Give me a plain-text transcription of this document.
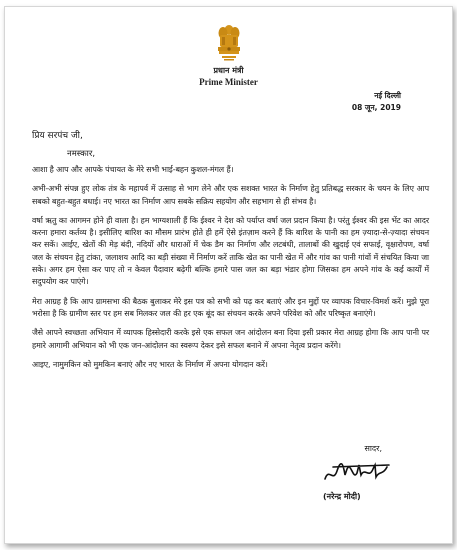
प्रधान मंत्री
Prime Minister
नई दिल्ली
08 जून, 2019
प्रिय सरपंच जी,
नमस्कार,

आशा है आप और आपके पंचायत के मेरे सभी भाई-बहन कुशल-मंगल हैं।

अभी-अभी संपन्न हुए लोक तंत्र के महापर्व में उत्साह से भाग लेने और एक सशक्त भारत के निर्माण हेतु प्रतिबद्ध सरकार के चयन के लिए आप सबको बहुत-बहुत बधाई। नए भारत का निर्माण आप सबके सक्रिय सहयोग और सहभाग से ही संभव है।

वर्षा ऋतु का आगमन होने ही वाला है। हम भाग्यशाली हैं कि ईश्वर ने देश को पर्याप्त वर्षा जल प्रदान किया है। परंतु ईश्वर की इस भेंट का आदर करना हमारा कर्तव्य है। इसीलिए बारिश का मौसम प्रारंभ होते ही हमें ऐसे इंतज़ाम करने हैं कि बारिश के पानी का हम ज़्यादा-से-ज़्यादा संचयन कर सकें। आईए, खेतों की मेड़ बंदी, नदियों और धाराओं में चेक डैम का निर्माण और लटबंधी, तालाबों की खुदाई एवं सफाई, वृक्षारोपण, वर्षा जल के संचयन हेतु टांका, जलाशय आदि का बड़ी संख्या में निर्माण करें ताकि खेत का पानी खेत में और गांव का पानी गांवों में संचयित किया जा सके। अगर हम ऐसा कर पाए तो न केवल पैदावार बढ़ेगी बल्कि हमारे पास जल का बड़ा भंडार होगा जिसका हम अपने गांव के कई कार्यों में सदुपयोग कर पाएंगे।

मेरा आग्रह है कि आप ग्रामसभा की बैठक बुलाकर मेरे इस पत्र को सभी को पढ़ कर बताएं और इन मुद्दों पर व्यापक विचार-विमर्श करें। मुझे पूरा भरोसा है कि ग्रामीण स्तर पर हम सब मिलकर जल की हर एक बूंद का संचयन करके अपने परिवेश को और परिष्कृत बनाएंगे।

जैसे आपने स्वच्छता अभियान में व्यापक हिस्सेदारी करके इसे एक सफल जन आंदोलन बना दिया इसी प्रकार मेरा आग्रह होगा कि आप पानी पर हमारे आगामी अभियान को भी एक जन-आंदोलन का स्वरूप देकर इसे सफल बनाने में अपना नेतृत्व प्रदान करेंगे।

आइए, नामुमकिन को मुमकिन बनाएं और नए भारत के निर्माण में अपना योगदान करें।

सादर,
(नरेन्द्र मोदी)
